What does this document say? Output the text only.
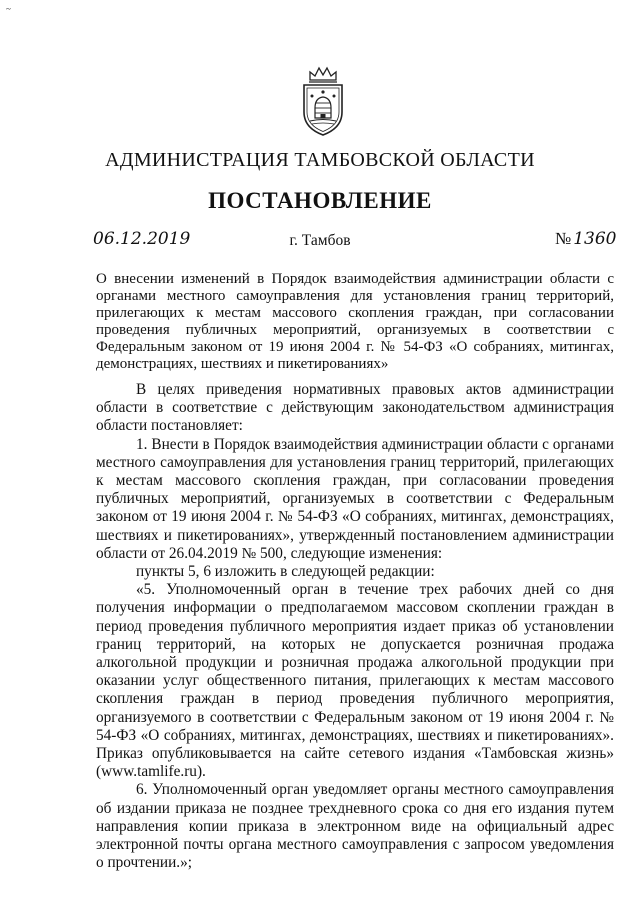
~
АДМИНИСТРАЦИЯ ТАМБОВСКОЙ ОБЛАСТИ
ПОСТАНОВЛЕНИЕ
06.12.2019	г. Тамбов	№ 1360
О внесении изменений в Порядок взаимодействия администрации области с органами местного самоуправления для установления границ территорий, прилегающих к местам массового скопления граждан, при согласовании проведения публичных мероприятий, организуемых в соответствии с Федеральным законом от 19 июня 2004 г. № 54-ФЗ «О собраниях, митингах, демонстрациях, шествиях и пикетированиях»

В целях приведения нормативных правовых актов администрации области в соответствие с действующим законодательством администрация области постановляет:

1. Внести в Порядок взаимодействия администрации области с органами местного самоуправления для установления границ территорий, прилегающих к местам массового скопления граждан, при согласовании проведения публичных мероприятий, организуемых в соответствии с Федеральным законом от 19 июня 2004 г. № 54-ФЗ «О собраниях, митингах, демонстрациях, шествиях и пикетированиях», утвержденный постановлением администрации области от 26.04.2019 № 500, следующие изменения:

пункты 5, 6 изложить в следующей редакции:

«5. Уполномоченный орган в течение трех рабочих дней со дня получения информации о предполагаемом массовом скоплении граждан в период проведения публичного мероприятия издает приказ об установлении границ территорий, на которых не допускается розничная продажа алкогольной продукции и розничная продажа алкогольной продукции при оказании услуг общественного питания, прилегающих к местам массового скопления граждан в период проведения публичного мероприятия, организуемого в соответствии с Федеральным законом от 19 июня 2004 г. № 54-ФЗ «О собраниях, митингах, демонстрациях, шествиях и пикетированиях». Приказ опубликовывается на сайте сетевого издания «Тамбовская жизнь» (www.tamlife.ru).

6. Уполномоченный орган уведомляет органы местного самоуправления об издании приказа не позднее трехдневного срока со дня его издания путем направления копии приказа в электронном виде на официальный адрес электронной почты органа местного самоуправления с запросом уведомления о прочтении.»;
